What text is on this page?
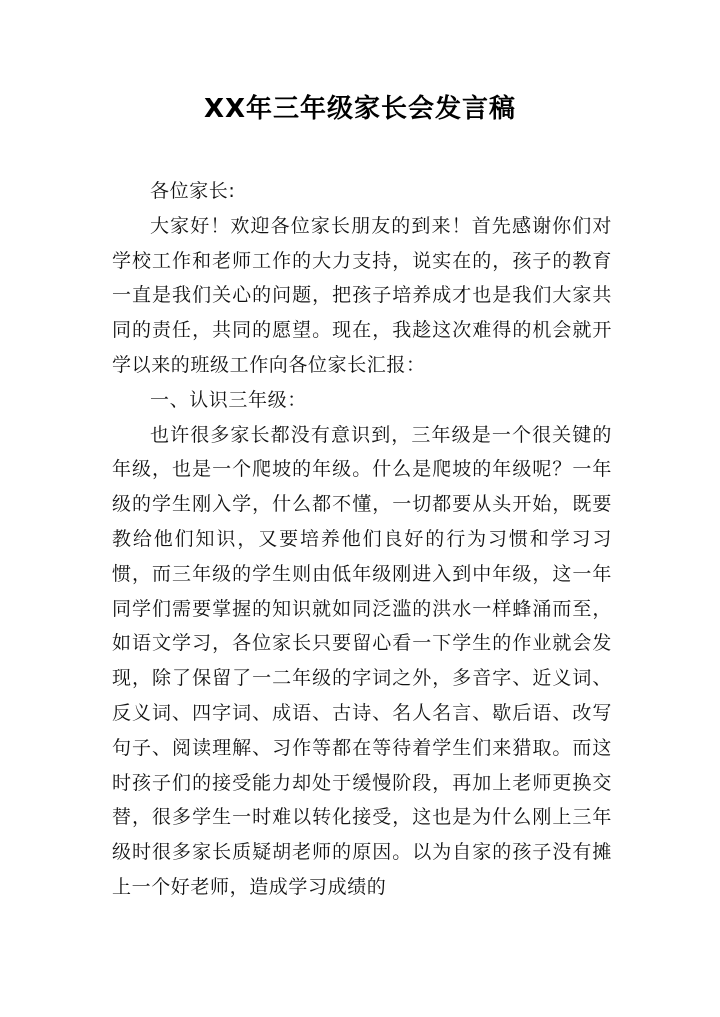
XX年三年级家长会发言稿

各位家长:

大家好！欢迎各位家长朋友的到来！首先感谢你们对学校工作和老师工作的大力支持，说实在的，孩子的教育一直是我们关心的问题，把孩子培养成才也是我们大家共同的责任，共同的愿望。现在，我趁这次难得的机会就开学以来的班级工作向各位家长汇报：

一、认识三年级：

也许很多家长都没有意识到，三年级是一个很关键的年级，也是一个爬坡的年级。什么是爬坡的年级呢？一年级的学生刚入学，什么都不懂，一切都要从头开始，既要教给他们知识，又要培养他们良好的行为习惯和学习习惯，而三年级的学生则由低年级刚进入到中年级，这一年同学们需要掌握的知识就如同泛滥的洪水一样蜂涌而至，如语文学习，各位家长只要留心看一下学生的作业就会发现，除了保留了一二年级的字词之外，多音字、近义词、反义词、四字词、成语、古诗、名人名言、歇后语、改写句子、阅读理解、习作等都在等待着学生们来猎取。而这时孩子们的接受能力却处于缓慢阶段，再加上老师更换交替，很多学生一时难以转化接受，这也是为什么刚上三年级时很多家长质疑胡老师的原因。以为自家的孩子没有摊上一个好老师，造成学习成绩的
